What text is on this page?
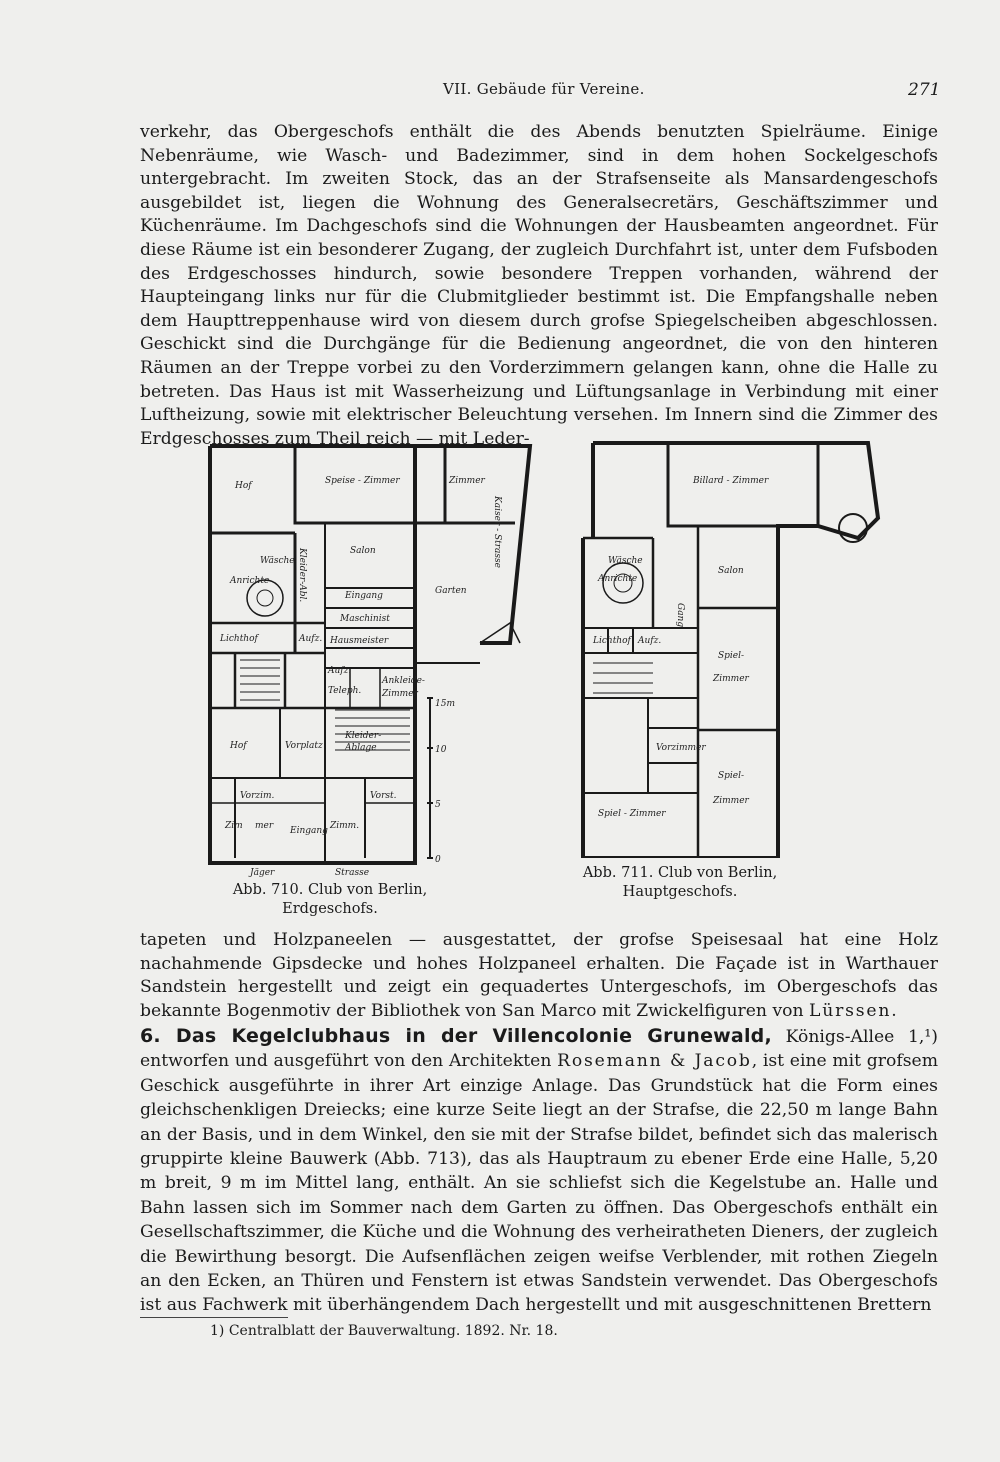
VII. Gebäude für Vereine.	271

verkehr, das Obergeschofs enthält die des Abends benutzten Spielräume. Einige Nebenräume, wie Wasch- und Badezimmer, sind in dem hohen Sockelgeschofs untergebracht. Im zweiten Stock, das an der Strafsenseite als Mansardengeschofs ausgebildet ist, liegen die Wohnung des Generalsecretärs, Geschäftszimmer und Küchenräume. Im Dachgeschofs sind die Wohnungen der Hausbeamten angeordnet. Für diese Räume ist ein besonderer Zugang, der zugleich Durchfahrt ist, unter dem Fufsboden des Erdgeschosses hindurch, sowie besondere Treppen vorhanden, während der Haupteingang links nur für die Clubmitglieder bestimmt ist. Die Empfangshalle neben dem Haupttreppenhause wird von diesem durch grofse Spiegelscheiben abgeschlossen. Geschickt sind die Durchgänge für die Bedienung angeordnet, die von den hinteren Räumen an der Treppe vorbei zu den Vorderzimmern gelangen kann, ohne die Halle zu betreten. Das Haus ist mit Wasserheizung und Lüftungsanlage in Verbindung mit einer Luftheizung, sowie mit elektrischer Beleuchtung versehen. Im Innern sind die Zimmer des Erdgeschosses zum Theil reich — mit Leder-

Hof	Speise - Zimmer	Zimmer
Salon
Wäsche
Anrichte
Eingang	Garten
Maschinist
Hausmeister
Lichthof	Aufz.
Aufz.
Teleph.
Ankleide-
Zimmer
Hof	Vorplatz
Kleider-
Ablage
Vorzim.
Zim mer Eingang
Vorst.
Zimm.
Jäger	Strasse
Kaiser - Strasse
Kleider-Abl.
15m
10
5
0
Abb. 710. Club von Berlin,
Erdgeschofs.
Billard - Zimmer
Salon
Wäsche
Anrichte
Lichthof Aufz.
Spiel-
Zimmer
Vorzimmer
Spiel-
Zimmer
Spiel - Zimmer
Gang
Abb. 711. Club von Berlin,
Hauptgeschofs.

tapeten und Holzpaneelen — ausgestattet, der grofse Speisesaal hat eine Holz nachahmende Gipsdecke und hohes Holzpaneel erhalten. Die Façade ist in Warthauer Sandstein hergestellt und zeigt ein gequadertes Untergeschofs, im Obergeschofs das bekannte Bogenmotiv der Bibliothek von San Marco mit Zwickelfiguren von Lürssen.

6. Das Kegelclubhaus in der Villencolonie Grunewald, Königs-Allee 1,¹) entworfen und ausgeführt von den Architekten Rosemann & Jacob, ist eine mit grofsem Geschick ausgeführte in ihrer Art einzige Anlage. Das Grundstück hat die Form eines gleichschenkligen Dreiecks; eine kurze Seite liegt an der Strafse, die 22,50 m lange Bahn an der Basis, und in dem Winkel, den sie mit der Strafse bildet, befindet sich das malerisch gruppirte kleine Bauwerk (Abb. 713), das als Hauptraum zu ebener Erde eine Halle, 5,20 m breit, 9 m im Mittel lang, enthält. An sie schliefst sich die Kegelstube an. Halle und Bahn lassen sich im Sommer nach dem Garten zu öffnen. Das Obergeschofs enthält ein Gesellschaftszimmer, die Küche und die Wohnung des verheiratheten Dieners, der zugleich die Bewirthung besorgt. Die Aufsenflächen zeigen weifse Verblender, mit rothen Ziegeln an den Ecken, an Thüren und Fenstern ist etwas Sandstein verwendet. Das Obergeschofs ist aus Fachwerk mit überhängendem Dach hergestellt und mit ausgeschnittenen Brettern

1) Centralblatt der Bauverwaltung. 1892. Nr. 18.
